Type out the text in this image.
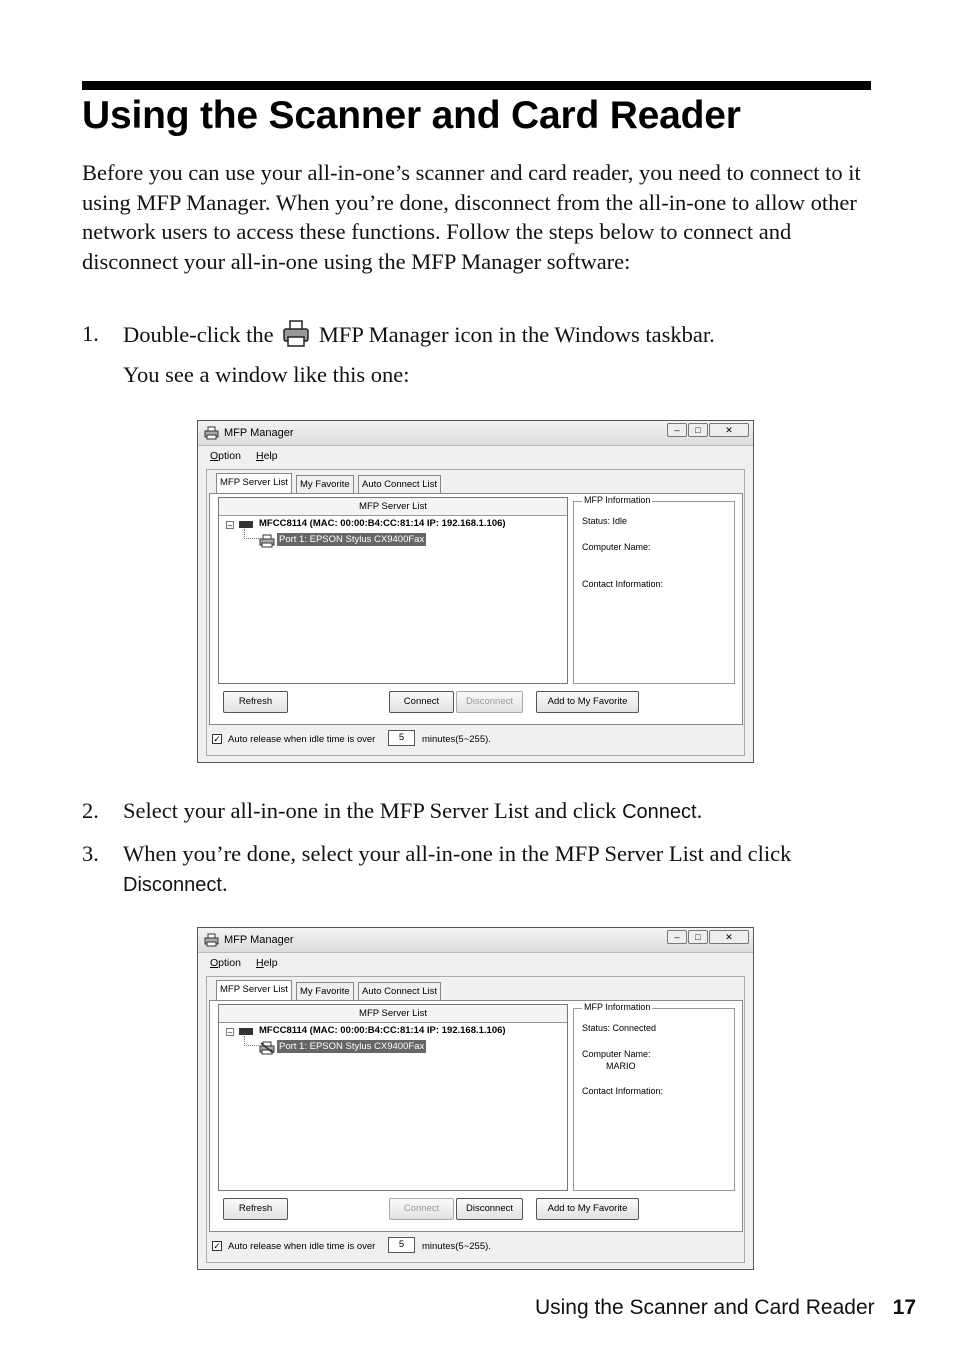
Using the Scanner and Card Reader

Before you can use your all-in-one’s scanner and card reader, you need to connect to it using MFP Manager. When you’re done, disconnect from the all-in-one to allow other network users to access these functions. Follow the steps below to connect and disconnect your all-in-one using the MFP Manager software:

1. Double-click the MFP Manager icon in the Windows taskbar.
You see a window like this one:
MFP Manager	–	□	✕
Option Help
MFP Server List	My Favorite	Auto Connect List
MFP Server List
–	MFCC8114 (MAC: 00:00:B4:CC:81:14 IP: 192.168.1.106)
Port 1: EPSON Stylus CX9400Fax
MFP Information
Status: Idle
Computer Name:
Contact Information:
Refresh	Connect	Disconnect	Add to My Favorite
✓ Auto release when idle time is over	5	minutes(5~255).
2. Select your all-in-one in the MFP Server List and click Connect.
3. When you’re done, select your all-in-one in the MFP Server List and click Disconnect.
MFP Manager	–	□	✕
Option Help
MFP Server List	My Favorite	Auto Connect List
MFP Server List
–	MFCC8114 (MAC: 00:00:B4:CC:81:14 IP: 192.168.1.106)
Port 1: EPSON Stylus CX9400Fax
MFP Information
Status: Connected
Computer Name:
MARIO
Contact Information:
Refresh	Connect	Disconnect	Add to My Favorite
✓ Auto release when idle time is over	5	minutes(5~255).
Using the Scanner and Card Reader 17
